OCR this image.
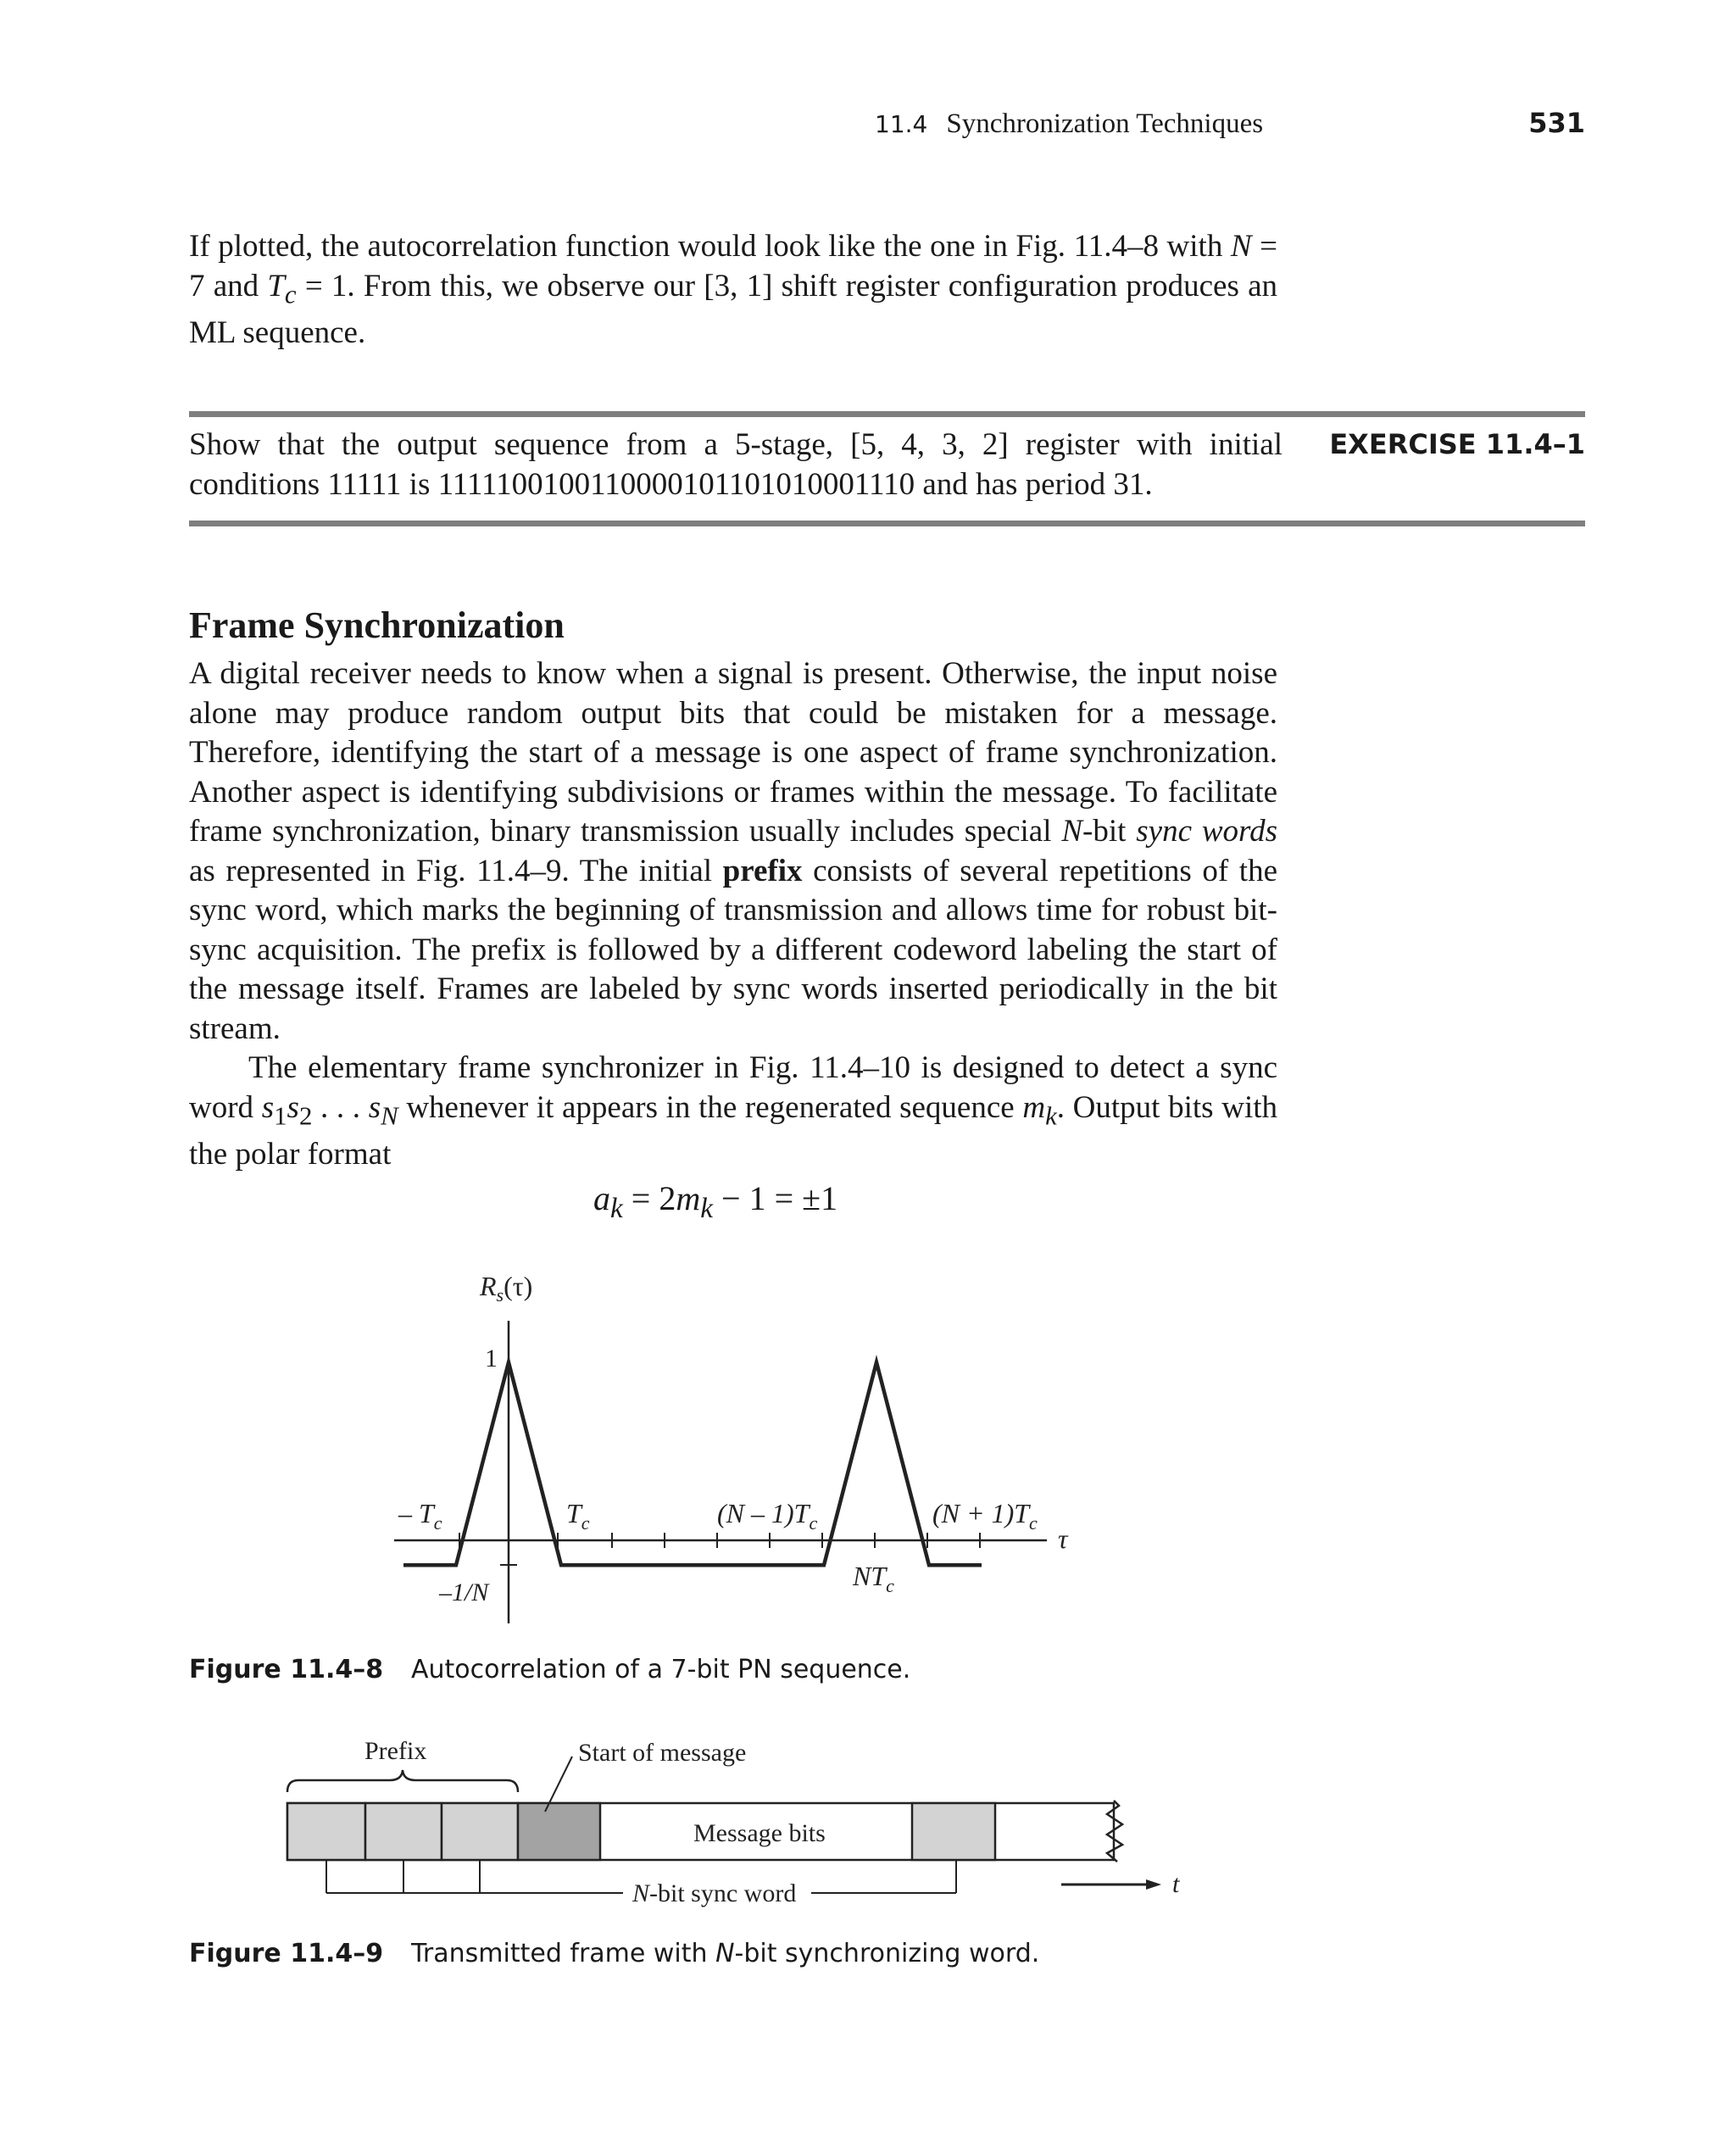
11.4 Synchronization Techniques	531

If plotted, the autocorrelation function would look like the one in Fig. 11.4–8 with N = 7 and $T_c = 1$. From this, we observe our [3, 1] shift register configuration produces an ML sequence.

Show that the output sequence from a 5-stage, [5, 4, 3, 2] register with initial conditions 11111 is 1111100100110000101101010001110 and has period 31.

EXERCISE 11.4–1
Frame Synchronization

A digital receiver needs to know when a signal is present. Otherwise, the input noise alone may produce random output bits that could be mistaken for a message. Therefore, identifying the start of a message is one aspect of frame synchronization. Another aspect is identifying subdivisions or frames within the message. To facilitate frame synchronization, binary transmission usually includes special N-bit sync words as represented in Fig. 11.4–9. The initial prefix consists of several repetitions of the sync word, which marks the beginning of transmission and allows time for robust bit-sync acquisition. The prefix is followed by a different codeword labeling the start of the message itself. Frames are labeled by sync words inserted periodically in the bit stream.

The elementary frame synchronizer in Fig. 11.4–10 is designed to detect a sync word $s_1s_2$ . . . $s_N$ whenever it appears in the regenerated sequence $m_k$. Output bits with the polar format

$a_k = 2m_k - 1 = \pm 1$
$R_s(\tau)$
1
– $T_c$	$T_c$	$(N - 1)T_c$	$(N + 1)T_c$
$NT_c$
–1/N
τ
Prefix	Start of message
Message bits
N-bit sync word	t
Figure 11.4–8 Autocorrelation of a 7-bit PN sequence.
Figure 11.4–9 Transmitted frame with N-bit synchronizing word.
